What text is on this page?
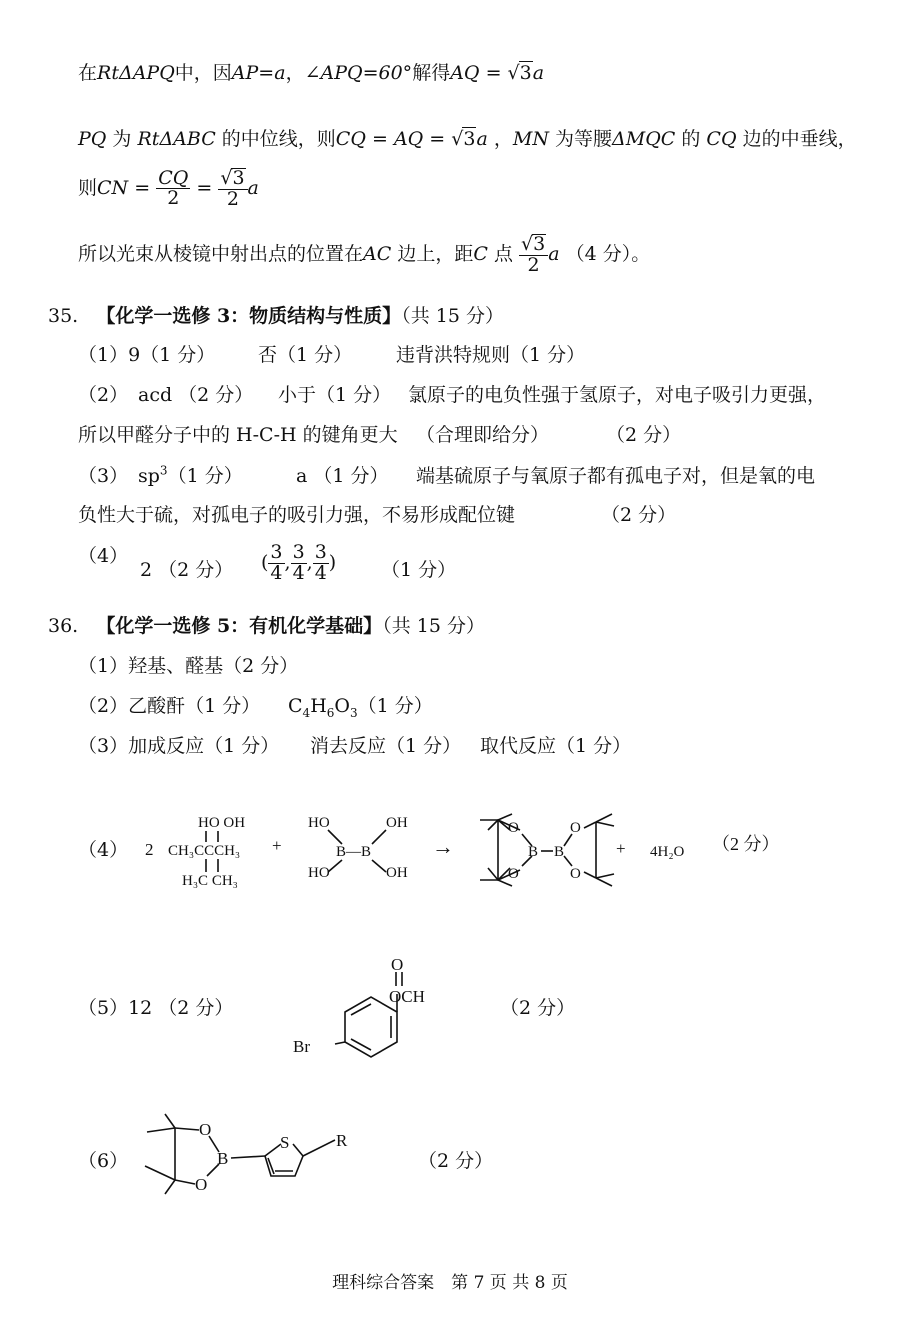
在RtΔAPQ中，因AP=a，∠APQ=60°解得AQ = √3a
PQ 为 RtΔABC 的中位线，则CQ = AQ = √3a ，MN 为等腰ΔMQC 的 CQ 边的中垂线，
则CN = $\frac{CQ}{2} = \frac{√3}{2}$ a
所以光束从棱镜中射出点的位置在AC 边上，距C 点 $\frac{√3}{2}$ a （4 分）。
35. 【化学一选修 3：物质结构与性质】（共 15 分）
（1）9（1 分） 否（1 分） 违背洪特规则（1 分）
（2） acd （2 分） 小于（1 分） 氯原子的电负性强于氢原子，对电子吸引力更强，
所以甲醛分子中的 H-C-H 的键角更大 （合理即给分）	（2 分）
（3） $sp^3(1$ 分）	a （1 分） 端基硫原子与氧原子都有孤电子对，但是氧的电
负性大于硫，对孤电子的吸引力强，不易形成配位键	（2 分）
（4）
2 （2 分） ( $\frac{3}{4}$ , $\frac{3}{4}$ , $\frac{3}{4}$ ) （1 分）
36. 【化学一选修 5：有机化学基础】（共 15 分）
（1）羟基、醛基（2 分）
（2）乙酸酐（1 分） $C_4H_6O_3(1$ 分）
（3）加成反应（1 分） 消去反应（1 分） 取代反应（1 分）
（4） 2
HO OH
CH₃CCCH₃
H₃C CH₃
+
HO	OH
B—B
HO	OH
→
O
O
B B
O
O
+ 4H₂O （2 分）
（5）12 （2 分）
OCH
O
Br
（2 分）
（6）
O
O
B
S	R
（2 分）
理科综合答案　第 7 页 共 8 页
